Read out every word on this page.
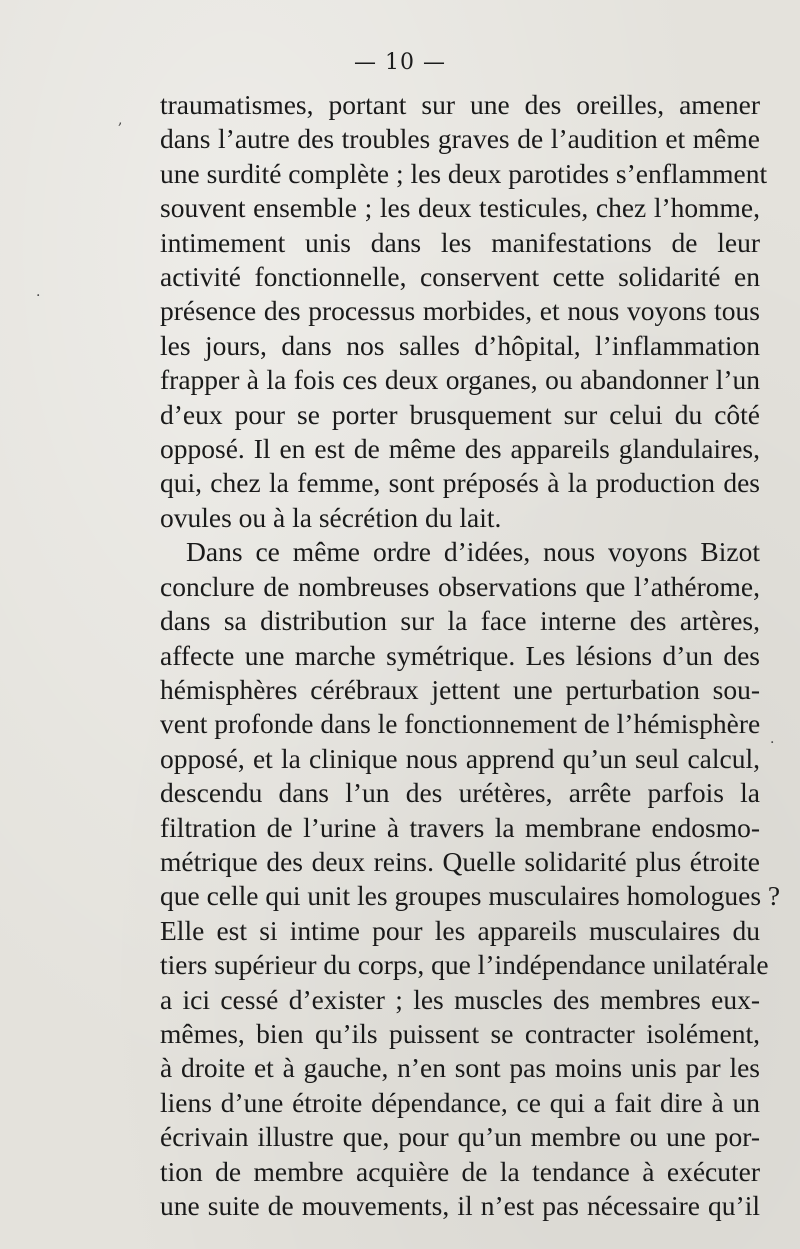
— 10 —
,
·
·
traumatismes, portant sur une des oreilles, amener
dans l’autre des troubles graves de l’audition et même
une surdité complète ; les deux parotides s’enflamment
souvent ensemble ; les deux testicules, chez l’homme,
intimement unis dans les manifestations de leur
activité fonctionnelle, conservent cette solidarité en
présence des processus morbides, et nous voyons tous
les jours, dans nos salles d’hôpital, l’inflammation
frapper à la fois ces deux organes, ou abandonner l’un
d’eux pour se porter brusquement sur celui du côté
opposé. Il en est de même des appareils glandulaires,
qui, chez la femme, sont préposés à la production des
ovules ou à la sécrétion du lait.
Dans ce même ordre d’idées, nous voyons Bizot
conclure de nombreuses observations que l’athérome,
dans sa distribution sur la face interne des artères,
affecte une marche symétrique. Les lésions d’un des
hémisphères cérébraux jettent une perturbation sou-
vent profonde dans le fonctionnement de l’hémisphère
opposé, et la clinique nous apprend qu’un seul calcul,
descendu dans l’un des urétères, arrête parfois la
filtration de l’urine à travers la membrane endosmo-
métrique des deux reins. Quelle solidarité plus étroite
que celle qui unit les groupes musculaires homologues ?
Elle est si intime pour les appareils musculaires du
tiers supérieur du corps, que l’indépendance unilatérale
a ici cessé d’exister ; les muscles des membres eux-
mêmes, bien qu’ils puissent se contracter isolément,
à droite et à gauche, n’en sont pas moins unis par les
liens d’une étroite dépendance, ce qui a fait dire à un
écrivain illustre que, pour qu’un membre ou une por-
tion de membre acquière de la tendance à exécuter
une suite de mouvements, il n’est pas nécessaire qu’il
